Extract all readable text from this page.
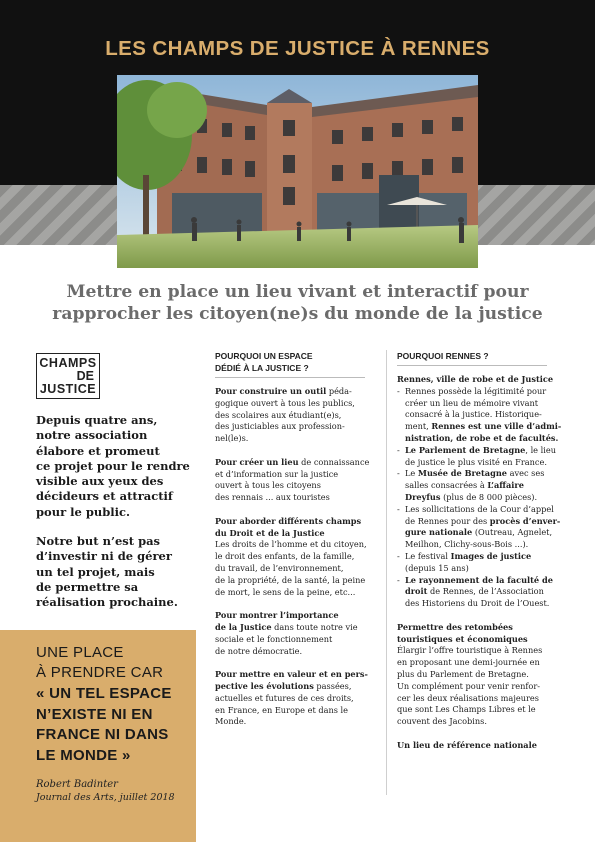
LES CHAMPS DE JUSTICE À RENNES
Mettre en place un lieu vivant et interactif pour
rapprocher les citoyen(ne)s du monde de la justice
CHAMPS
DE
JUSTICE

Depuis quatre ans,
notre association
élabore et promeut
ce projet pour le rendre
visible aux yeux des
décideurs et attractif
pour le public.

Notre but n’est pas
d’investir ni de gérer
un tel projet, mais
de permettre sa
réalisation prochaine.

UNE PLACE
À PRENDRE CAR
« UN TEL ESPACE
N’EXISTE NI EN
FRANCE NI DANS
LE MONDE »
Robert Badinter
Journal des Arts, juillet 2018
POURQUOI UN ESPACE
DÉDIÉ À LA JUSTICE ?

Pour construire un outil péda-
gogique ouvert à tous les publics,
des scolaires aux étudiant(e)s,
des justiciables aux profession-
nel(le)s.

Pour créer un lieu de connaissance
et d’information sur la justice
ouvert à tous les citoyens
des rennais ... aux touristes

Pour aborder différents champs
du Droit et de la Justice
Les droits de l’homme et du citoyen,
le droit des enfants, de la famille,
du travail, de l’environnement,
de la propriété, de la santé, la peine
de mort, le sens de la peine, etc...

Pour montrer l’importance
de la Justice dans toute notre vie
sociale et le fonctionnement
de notre démocratie.

Pour mettre en valeur et en pers-
pective les évolutions passées,
actuelles et futures de ces droits,
en France, en Europe et dans le
Monde.

POURQUOI RENNES ?
Rennes, ville de robe et de Justice
- Rennes possède la légitimité pour
créer un lieu de mémoire vivant
consacré à la justice. Historique-
ment, Rennes est une ville d’admi-
nistration, de robe et de facultés.
- Le Parlement de Bretagne, le lieu
de justice le plus visité en France.
- Le Musée de Bretagne avec ses
salles consacrées à L’affaire
Dreyfus (plus de 8 000 pièces).
- Les sollicitations de la Cour d’appel
de Rennes pour des procès d’enver-
gure nationale (Outreau, Agnelet,
Meilhon, Clichy-sous-Bois ...).
- Le festival Images de justice
(depuis 15 ans)
- Le rayonnement de la faculté de
droit de Rennes, de l’Association
des Historiens du Droit de l’Ouest.

Permettre des retombées
touristiques et économiques
Élargir l’offre touristique à Rennes
en proposant une demi-journée en
plus du Parlement de Bretagne.
Un complément pour venir renfor-
cer les deux réalisations majeures
que sont Les Champs Libres et le
couvent des Jacobins.

Un lieu de référence nationale
